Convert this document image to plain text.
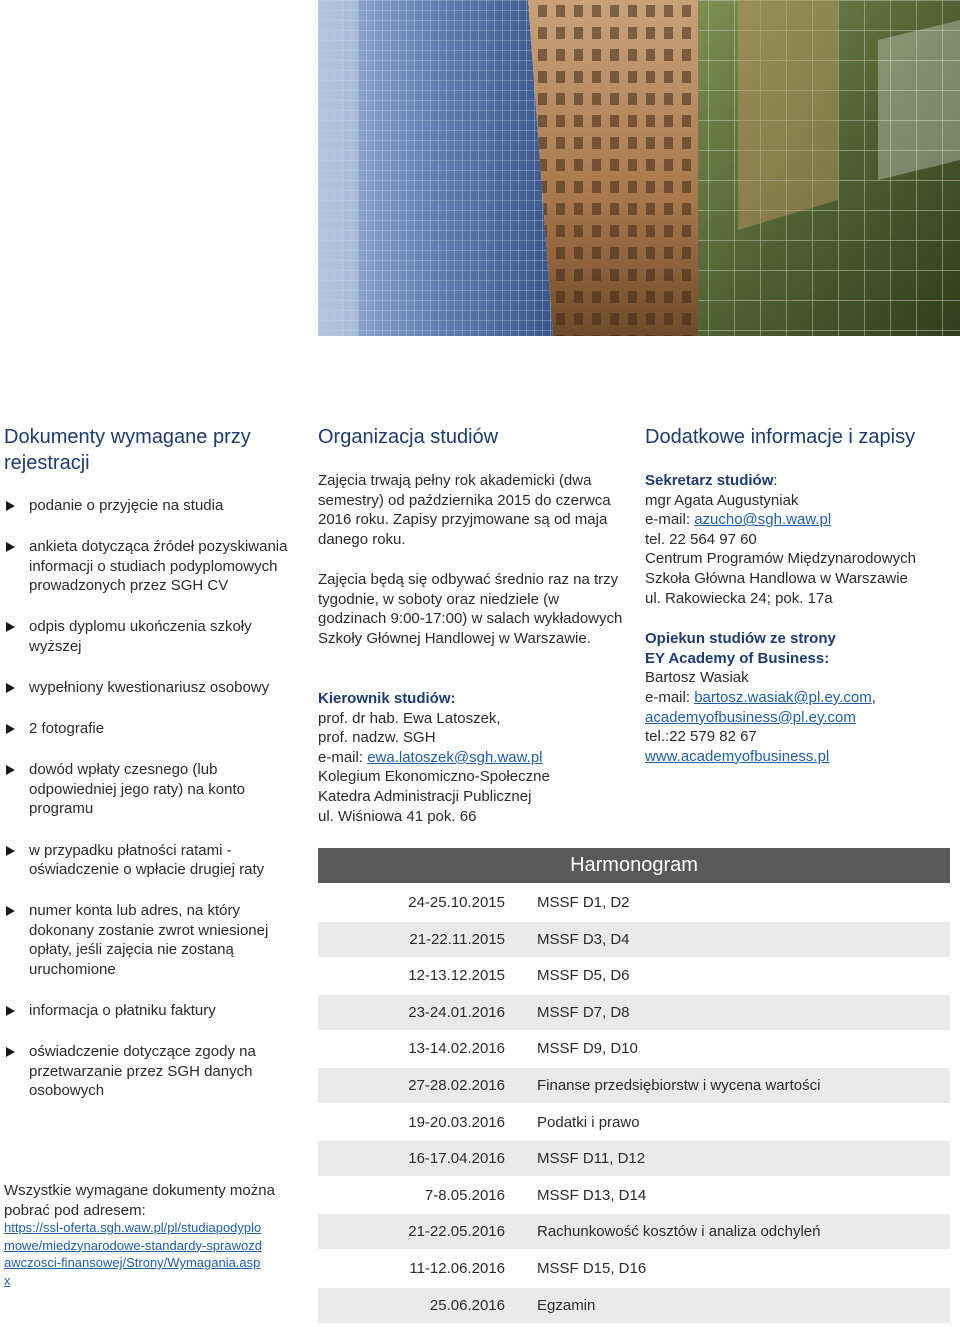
Dokumenty wymagane przy rejestracji
podanie o przyjęcie na studia
ankieta dotycząca źródeł pozyskiwania informacji o studiach podyplomowych prowadzonych przez SGH CV
odpis dyplomu ukończenia szkoły wyższej
wypełniony kwestionariusz osobowy
2 fotografie
dowód wpłaty czesnego (lub odpowiedniej jego raty) na konto programu
w przypadku płatności ratami - oświadczenie o wpłacie drugiej raty
numer konta lub adres, na który dokonany zostanie zwrot wniesionej opłaty, jeśli zajęcia nie zostaną uruchomione
informacja o płatniku faktury
oświadczenie dotyczące zgody na przetwarzanie przez SGH danych osobowych
Wszystkie wymagane dokumenty można pobrać pod adresem:
https://ssl-oferta.sgh.waw.pl/pl/studiapodyplomowe/miedzynarodowe-standardy-sprawozdawczosci-finansowej/Strony/Wymagania.aspx
Organizacja studiów

Zajęcia trwają pełny rok akademicki (dwa semestry) od października 2015 do czerwca 2016 roku. Zapisy przyjmowane są od maja danego roku.

Zajęcia będą się odbywać średnio raz na trzy tygodnie, w soboty oraz niedziele (w godzinach 9:00-17:00) w salach wykładowych Szkoły Głównej Handlowej w Warszawie.

Kierownik studiów:
prof. dr hab. Ewa Latoszek,
prof. nadzw. SGH
e-mail: ewa.latoszek@sgh.waw.pl
Kolegium Ekonomiczno-Społeczne
Katedra Administracji Publicznej
ul. Wiśniowa 41 pok. 66
Dodatkowe informacje i zapisy
Sekretarz studiów:
mgr Agata Augustyniak
e-mail: azucho@sgh.waw.pl
tel. 22 564 97 60
Centrum Programów Międzynarodowych
Szkoła Główna Handlowa w Warszawie
ul. Rakowiecka 24; pok. 17a
Opiekun studiów ze strony
EY Academy of Business:
Bartosz Wasiak
e-mail: bartosz.wasiak@pl.ey.com,
academyofbusiness@pl.ey.com
tel.:22 579 82 67
www.academyofbusiness.pl
Harmonogram
24-25.10.2015 MSSF D1, D2
21-22.11.2015 MSSF D3, D4
12-13.12.2015 MSSF D5, D6
23-24.01.2016 MSSF D7, D8
13-14.02.2016 MSSF D9, D10
27-28.02.2016 Finanse przedsiębiorstw i wycena wartości
19-20.03.2016 Podatki i prawo
16-17.04.2016 MSSF D11, D12
7-8.05.2016 MSSF D13, D14
21-22.05.2016 Rachunkowość kosztów i analiza odchyleń
11-12.06.2016 MSSF D15, D16
25.06.2016 Egzamin
